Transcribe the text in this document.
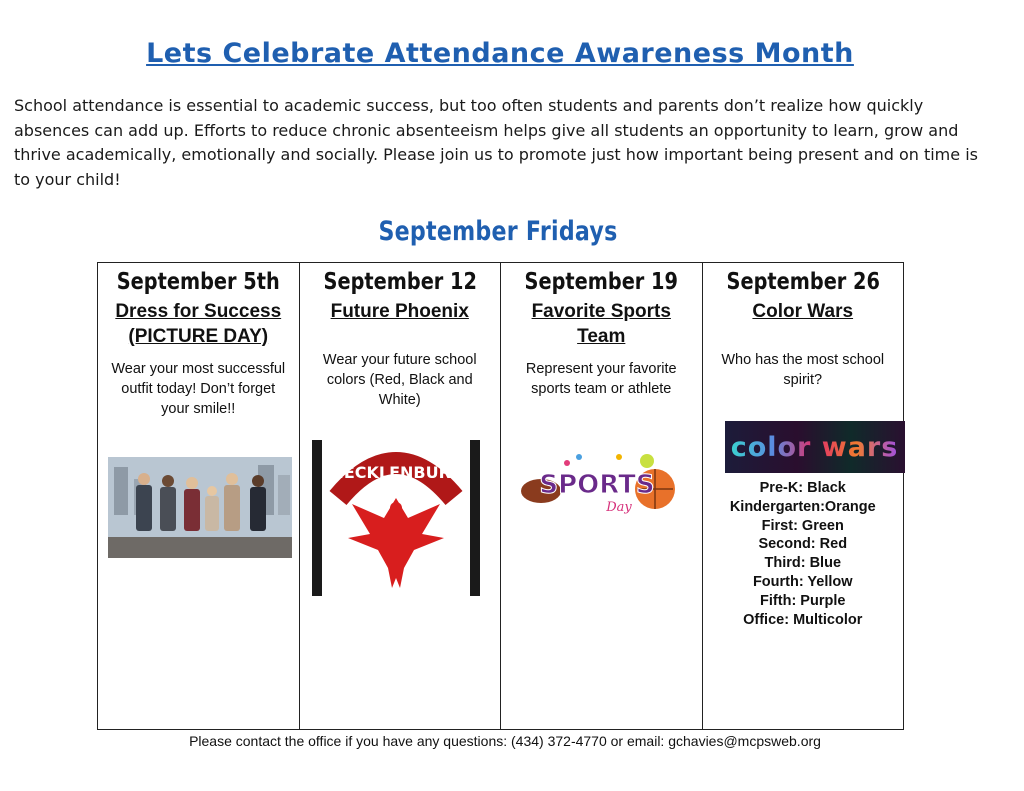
Lets Celebrate Attendance Awareness Month
School attendance is essential to academic success, but too often students and parents don’t realize how quickly absences can add up. Efforts to reduce chronic absenteeism helps give all students an opportunity to learn, grow and thrive academically, emotionally and socially. Please join us to promote just how important being present and on time is to your child!
September Fridays
September 5th
Dress for Success
(PICTURE DAY)
Wear your most successful outfit today! Don’t forget your smile!!
September 12
Future Phoenix
Wear your future school colors (Red, Black and White)
MECKLENBURG
September 19
Favorite Sports Team
Represent your favorite sports team or athlete
SPORTS
Day
September 26
Color Wars
Who has the most school spirit?
color wars
Pre-K: Black
Kindergarten:Orange
First: Green
Second: Red
Third: Blue
Fourth: Yellow
Fifth: Purple
Office: Multicolor
Please contact the office if you have any questions: (434) 372-4770 or email: gchavies@mcpsweb.org
